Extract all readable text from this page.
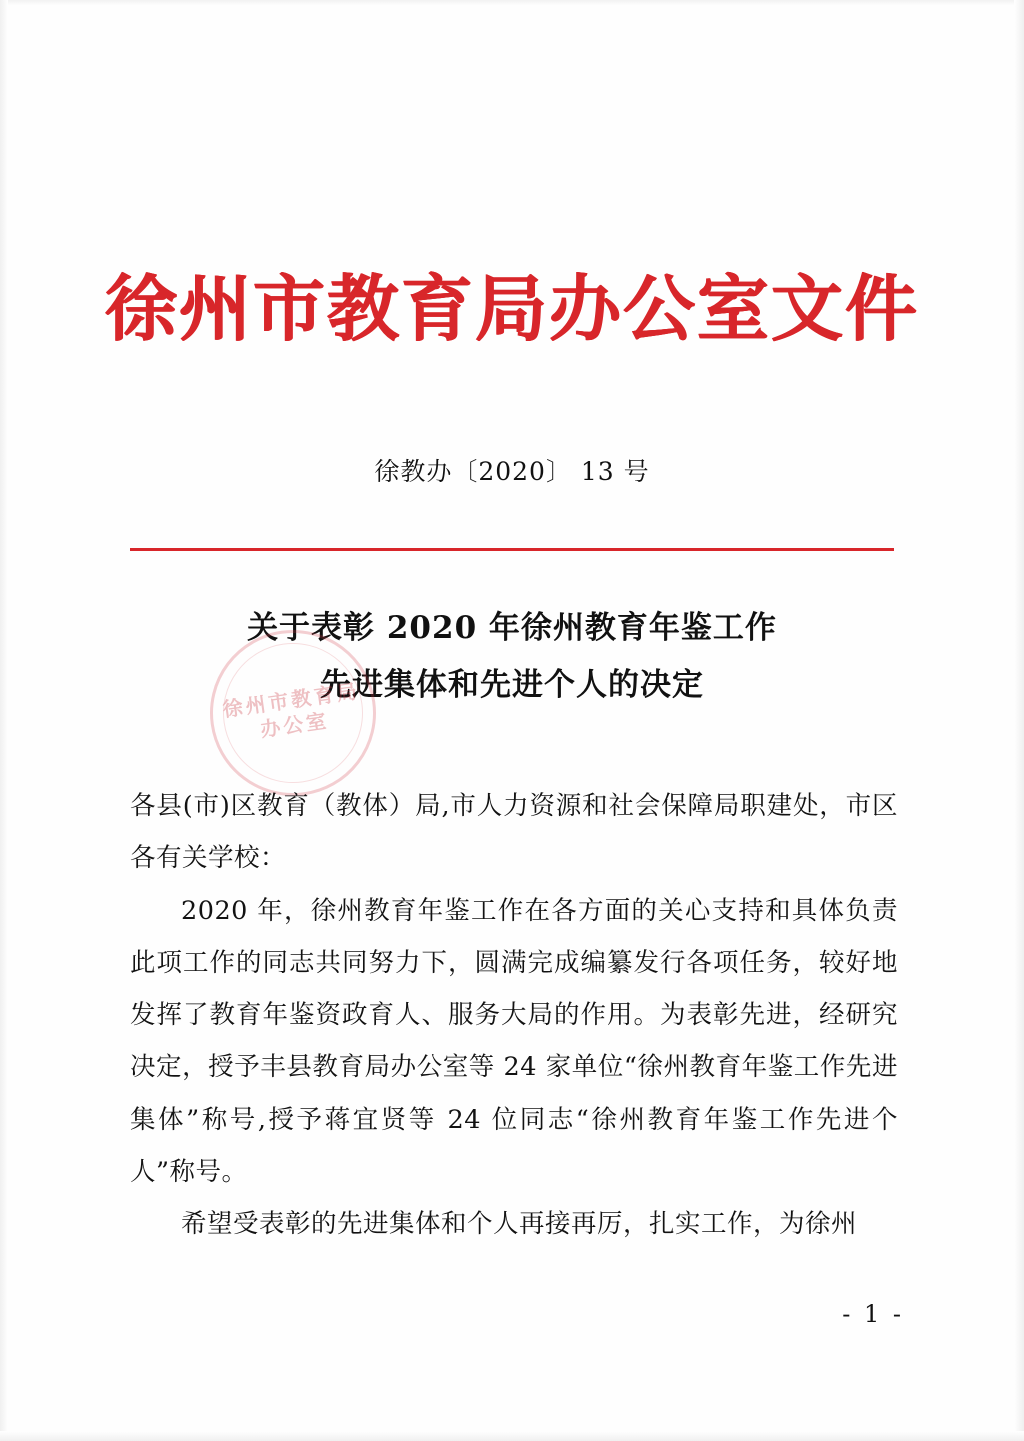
徐州市教育局办公室文件
徐教办〔2020〕 13 号
关于表彰 2020 年徐州教育年鉴工作
先进集体和先进个人的决定
徐州市教育局办公室

各县(市)区教育（教体）局,市人力资源和社会保障局职建处，市区各有关学校：

2020 年，徐州教育年鉴工作在各方面的关心支持和具体负责此项工作的同志共同努力下，圆满完成编纂发行各项任务，较好地发挥了教育年鉴资政育人、服务大局的作用。为表彰先进，经研究决定，授予丰县教育局办公室等 24 家单位“徐州教育年鉴工作先进集体”称号,授予蒋宜贤等 24 位同志“徐州教育年鉴工作先进个人”称号。

希望受表彰的先进集体和个人再接再厉，扎实工作，为徐州

- 1 -
